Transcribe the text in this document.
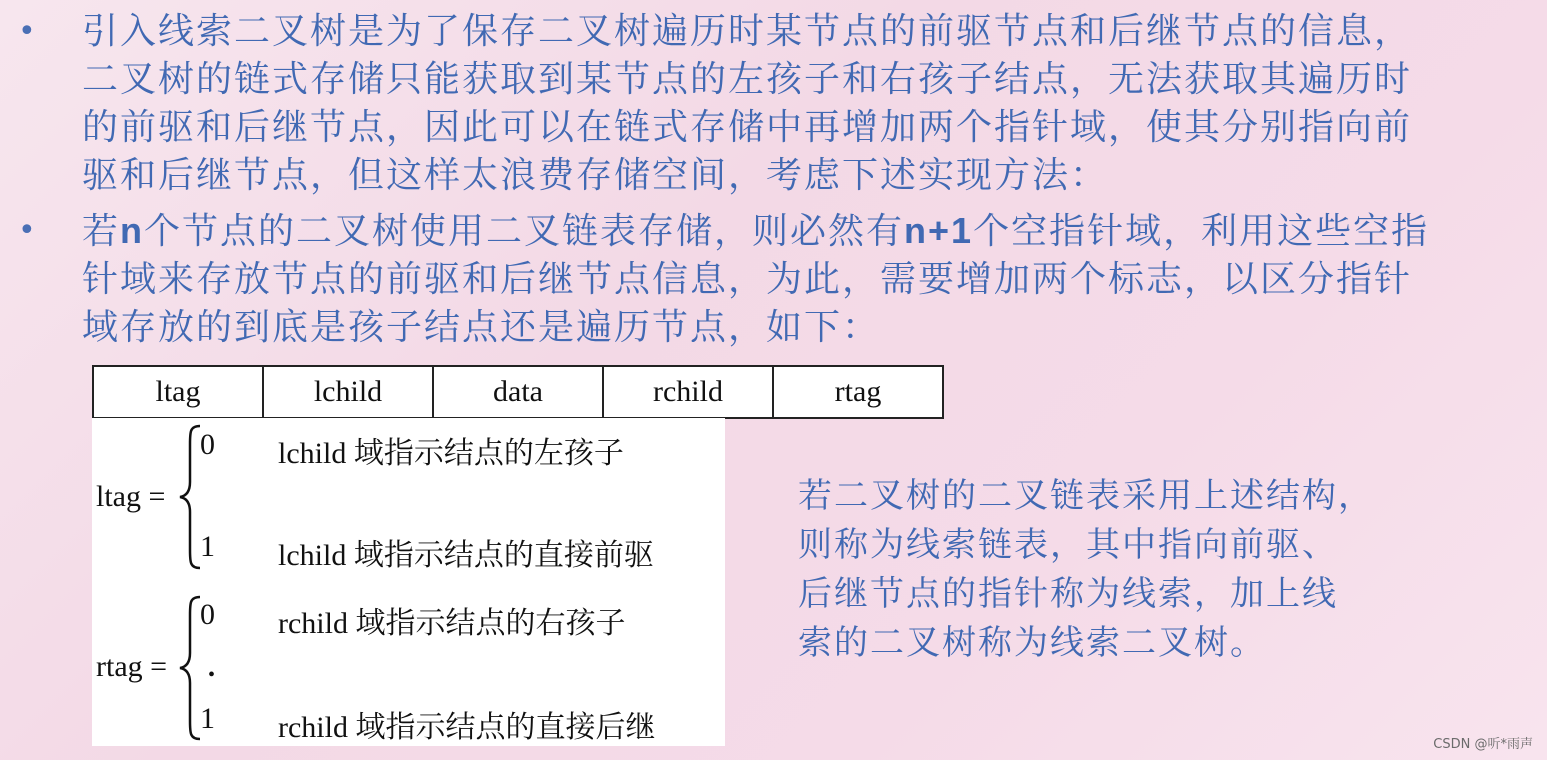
• 引入线索二叉树是为了保存二叉树遍历时某节点的前驱节点和后继节点的信息，
二叉树的链式存储只能获取到某节点的左孩子和右孩子结点，无法获取其遍历时
的前驱和后继节点，因此可以在链式存储中再增加两个指针域，使其分别指向前
驱和后继节点，但这样太浪费存储空间，考虑下述实现方法：
• 若n个节点的二叉树使用二叉链表存储，则必然有n+1个空指针域，利用这些空指
针域来存放节点的前驱和后继节点信息，为此，需要增加两个标志，以区分指针
域存放的到底是孩子结点还是遍历节点，如下：
ltag	lchild	data	rchild	rtag
ltag =
0 lchild 域指示结点的左孩子
1 lchild 域指示结点的直接前驱
rtag =
0 rchild 域指示结点的右孩子
•
1 rchild 域指示结点的直接后继
若二叉树的二叉链表采用上述结构，
则称为线索链表，其中指向前驱、
后继节点的指针称为线索，加上线
索的二叉树称为线索二叉树。
CSDN @听*雨声
